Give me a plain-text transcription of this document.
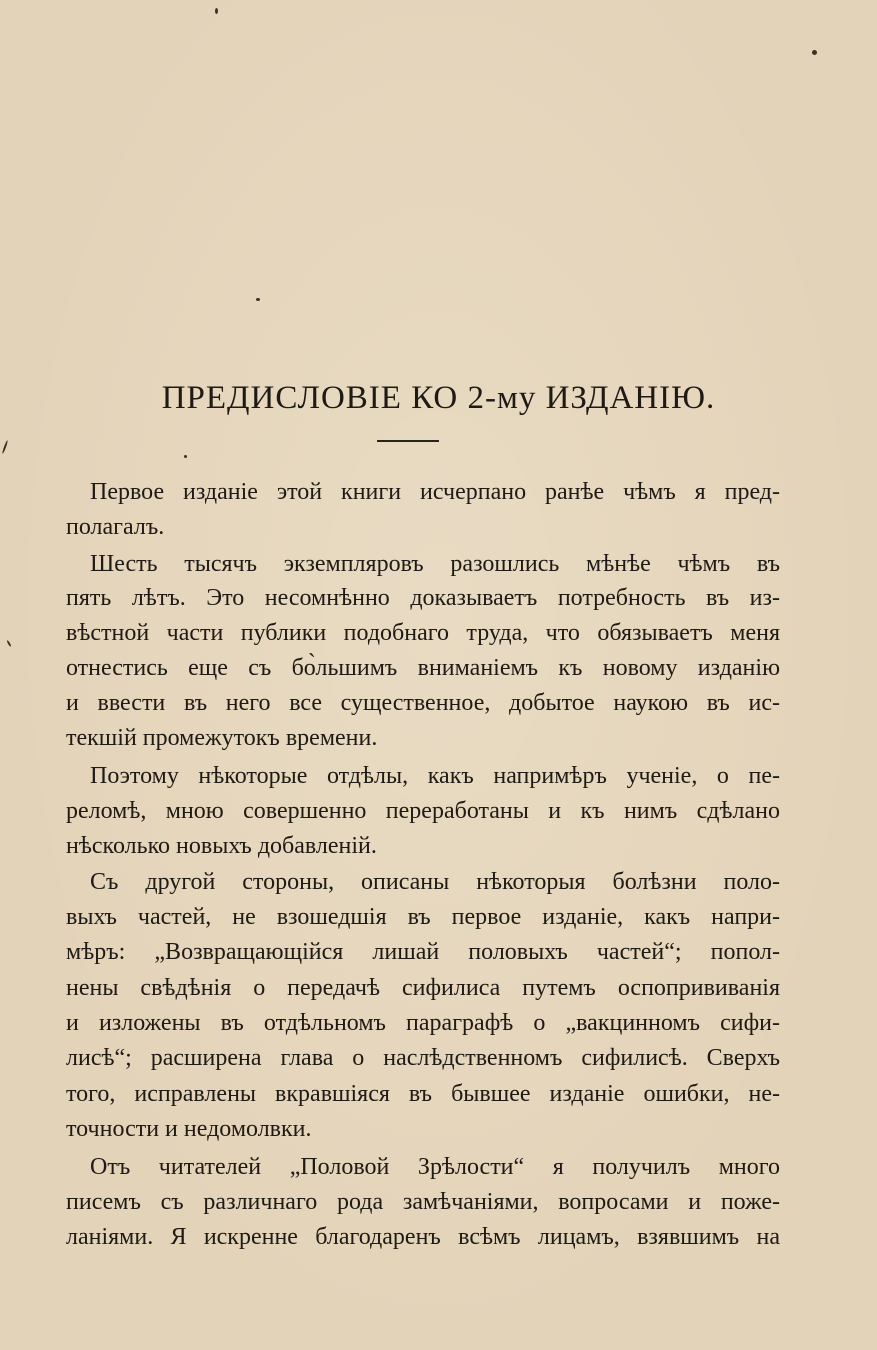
ПРЕДИСЛОВІЕ КО 2-му ИЗДАНІЮ.
Первое изданіе этой книги исчерпано ранѣе чѣмъ я пред-
полагалъ.
Шесть тысячъ экземпляровъ разошлись мѣнѣе чѣмъ въ
пять лѣтъ. Это несомнѣнно доказываетъ потребность въ из-
вѣстной части публики подобнаго труда, что обязываетъ меня
отнестись еще съ бо̀льшимъ вниманіемъ къ новому изданію
и ввести въ него все существенное, добытое наукою въ ис-
текшій промежутокъ времени.
Поэтому нѣкоторые отдѣлы, какъ напримѣръ ученіе, о пе-
реломѣ, мною совершенно переработаны и къ нимъ сдѣлано
нѣсколько новыхъ добавленій.
Съ другой стороны, описаны нѣкоторыя болѣзни поло-
выхъ частей, не взошедшія въ первое изданіе, какъ напри-
мѣръ: „Возвращающійся лишай половыхъ частей“; попол-
нены свѣдѣнія о передачѣ сифилиса путемъ оспопрививанія
и изложены въ отдѣльномъ параграфѣ о „вакцинномъ сифи-
лисѣ“; расширена глава о наслѣдственномъ сифилисѣ. Сверхъ
того, исправлены вкравшіяся въ бывшее изданіе ошибки, не-
точности и недомолвки.
Отъ читателей „Половой Зрѣлости“ я получилъ много
писемъ съ различнаго рода замѣчаніями, вопросами и поже-
ланіями. Я искренне благодаренъ всѣмъ лицамъ, взявшимъ на
